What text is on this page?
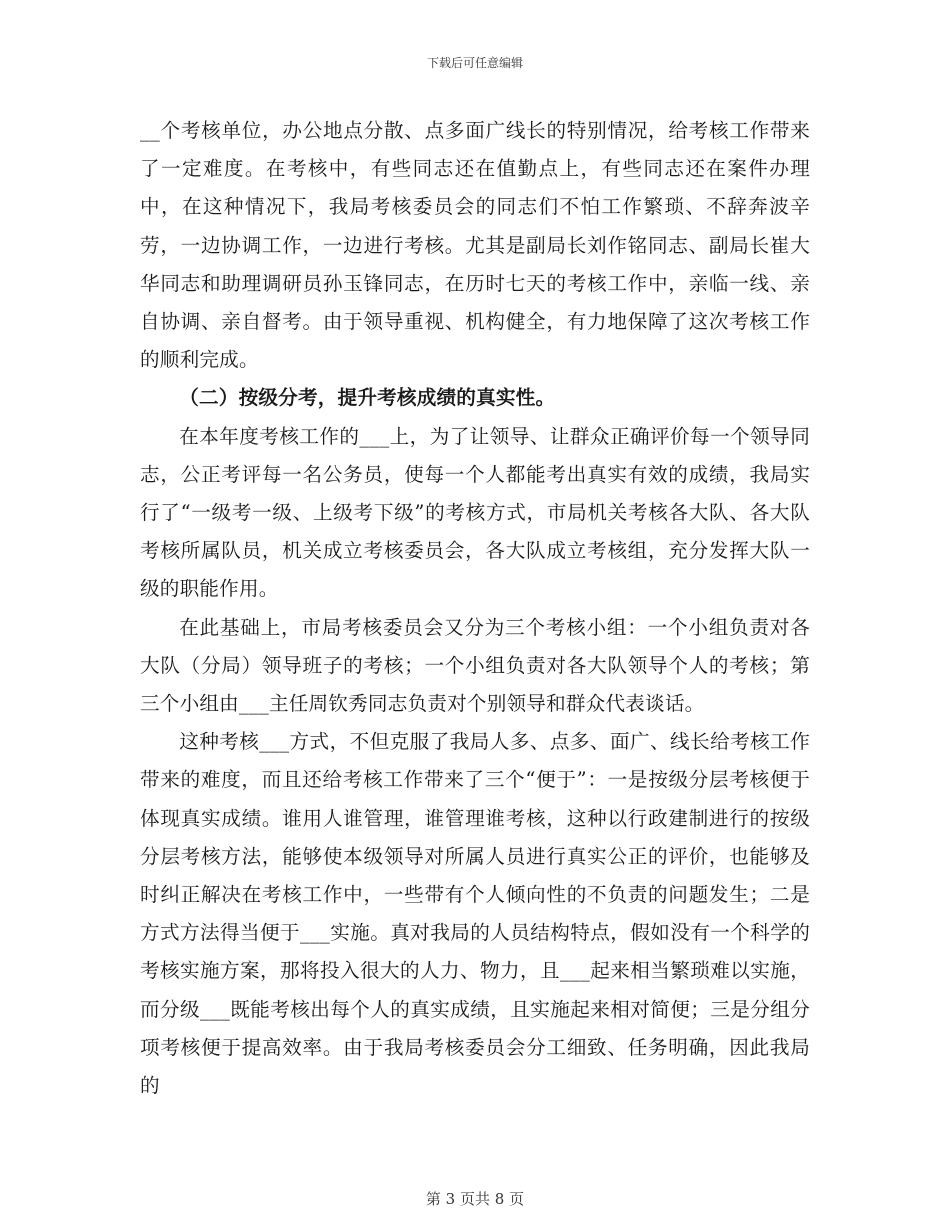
下载后可任意编辑

__个考核单位，办公地点分散、点多面广线长的特别情况，给考核工作带来了一定难度。在考核中，有些同志还在值勤点上，有些同志还在案件办理中，在这种情况下，我局考核委员会的同志们不怕工作繁琐、不辞奔波辛劳，一边协调工作，一边进行考核。尤其是副局长刘作铭同志、副局长崔大华同志和助理调研员孙玉锋同志，在历时七天的考核工作中，亲临一线、亲自协调、亲自督考。由于领导重视、机构健全，有力地保障了这次考核工作的顺利完成。

（二）按级分考，提升考核成绩的真实性。

在本年度考核工作的___上，为了让领导、让群众正确评价每一个领导同志，公正考评每一名公务员，使每一个人都能考出真实有效的成绩，我局实行了“一级考一级、上级考下级”的考核方式，市局机关考核各大队、各大队考核所属队员，机关成立考核委员会，各大队成立考核组，充分发挥大队一级的职能作用。

在此基础上，市局考核委员会又分为三个考核小组：一个小组负责对各大队（分局）领导班子的考核；一个小组负责对各大队领导个人的考核；第三个小组由___主任周钦秀同志负责对个别领导和群众代表谈话。

这种考核___方式，不但克服了我局人多、点多、面广、线长给考核工作带来的难度，而且还给考核工作带来了三个“便于”：一是按级分层考核便于体现真实成绩。谁用人谁管理，谁管理谁考核，这种以行政建制进行的按级分层考核方法，能够使本级领导对所属人员进行真实公正的评价，也能够及时纠正解决在考核工作中，一些带有个人倾向性的不负责的问题发生；二是方式方法得当便于___实施。真对我局的人员结构特点，假如没有一个科学的考核实施方案，那将投入很大的人力、物力，且___起来相当繁琐难以实施，而分级___既能考核出每个人的真实成绩，且实施起来相对简便；三是分组分项考核便于提高效率。由于我局考核委员会分工细致、任务明确，因此我局的

第 3 页共 8 页
